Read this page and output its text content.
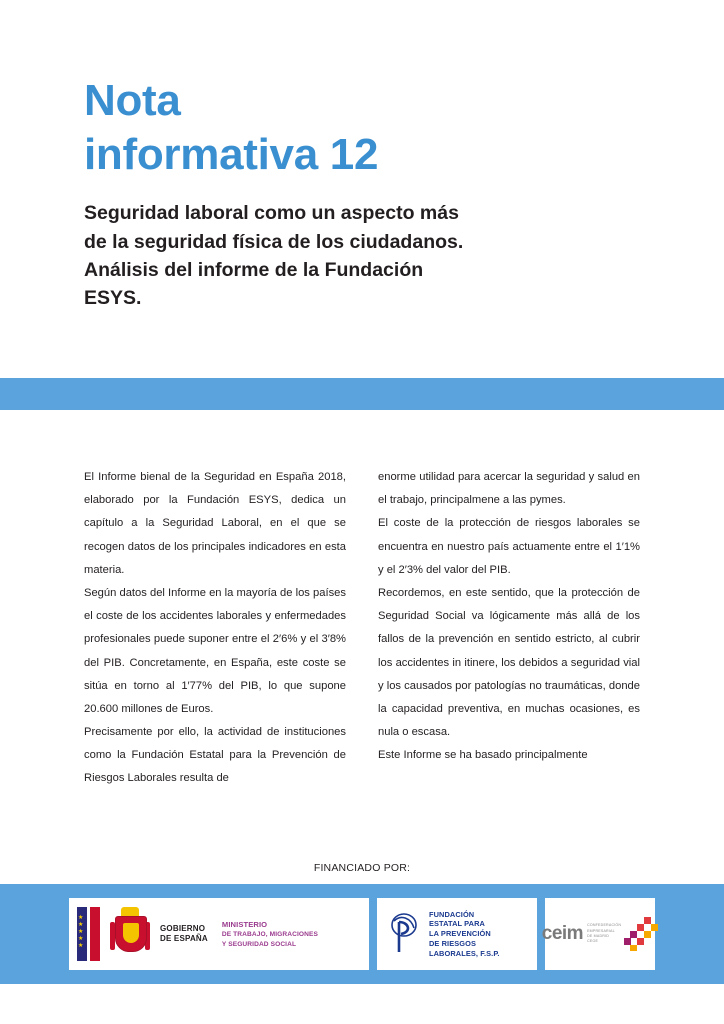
Nota
informativa 12

Seguridad laboral como un aspecto más de la seguridad física de los ciudadanos. Análisis del informe de la Fundación ESYS.

El Informe bienal de la Seguridad en España 2018, elaborado por la Fundación ESYS, dedica un capítulo a la Seguridad Laboral, en el que se recogen datos de los principales indicadores en esta materia.

Según datos del Informe en la mayoría de los países el coste de los accidentes laborales y enfermedades profesionales puede suponer entre el 2′6% y el 3′8% del PIB. Concretamente, en España, este coste se sitúa en torno al 1′77% del PIB, lo que supone 20.600 millones de Euros.

Precisamente por ello, la actividad de instituciones como la Fundación Estatal para la Prevención de Riesgos Laborales resulta de

enorme utilidad para acercar la seguridad y salud en el trabajo, principalmene a las pymes.

El coste de la protección de riesgos laborales se encuentra en nuestro país actuamente entre el 1′1% y el 2′3% del valor del PIB.

Recordemos, en este sentido, que la protección de Seguridad Social va lógicamente más allá de los fallos de la prevención en sentido estricto, al cubrir los accidentes in itinere, los debidos a seguridad vial y los causados por patologías no traumáticas, donde la capacidad preventiva, en muchas ocasiones, es nula o escasa.

Este Informe se ha basado principalmente

FINANCIADO POR:
★
★
★
★
★
GOBIERNO
DE ESPAÑA
MINISTERIO
DE TRABAJO, MIGRACIONES
Y SEGURIDAD SOCIAL
FUNDACIÓN
ESTATAL PARA
LA PREVENCIÓN
DE RIESGOS
LABORALES, F.S.P.
ceim CONFEDERACIÓN
EMPRESARIAL
DE MADRID
CEOE
